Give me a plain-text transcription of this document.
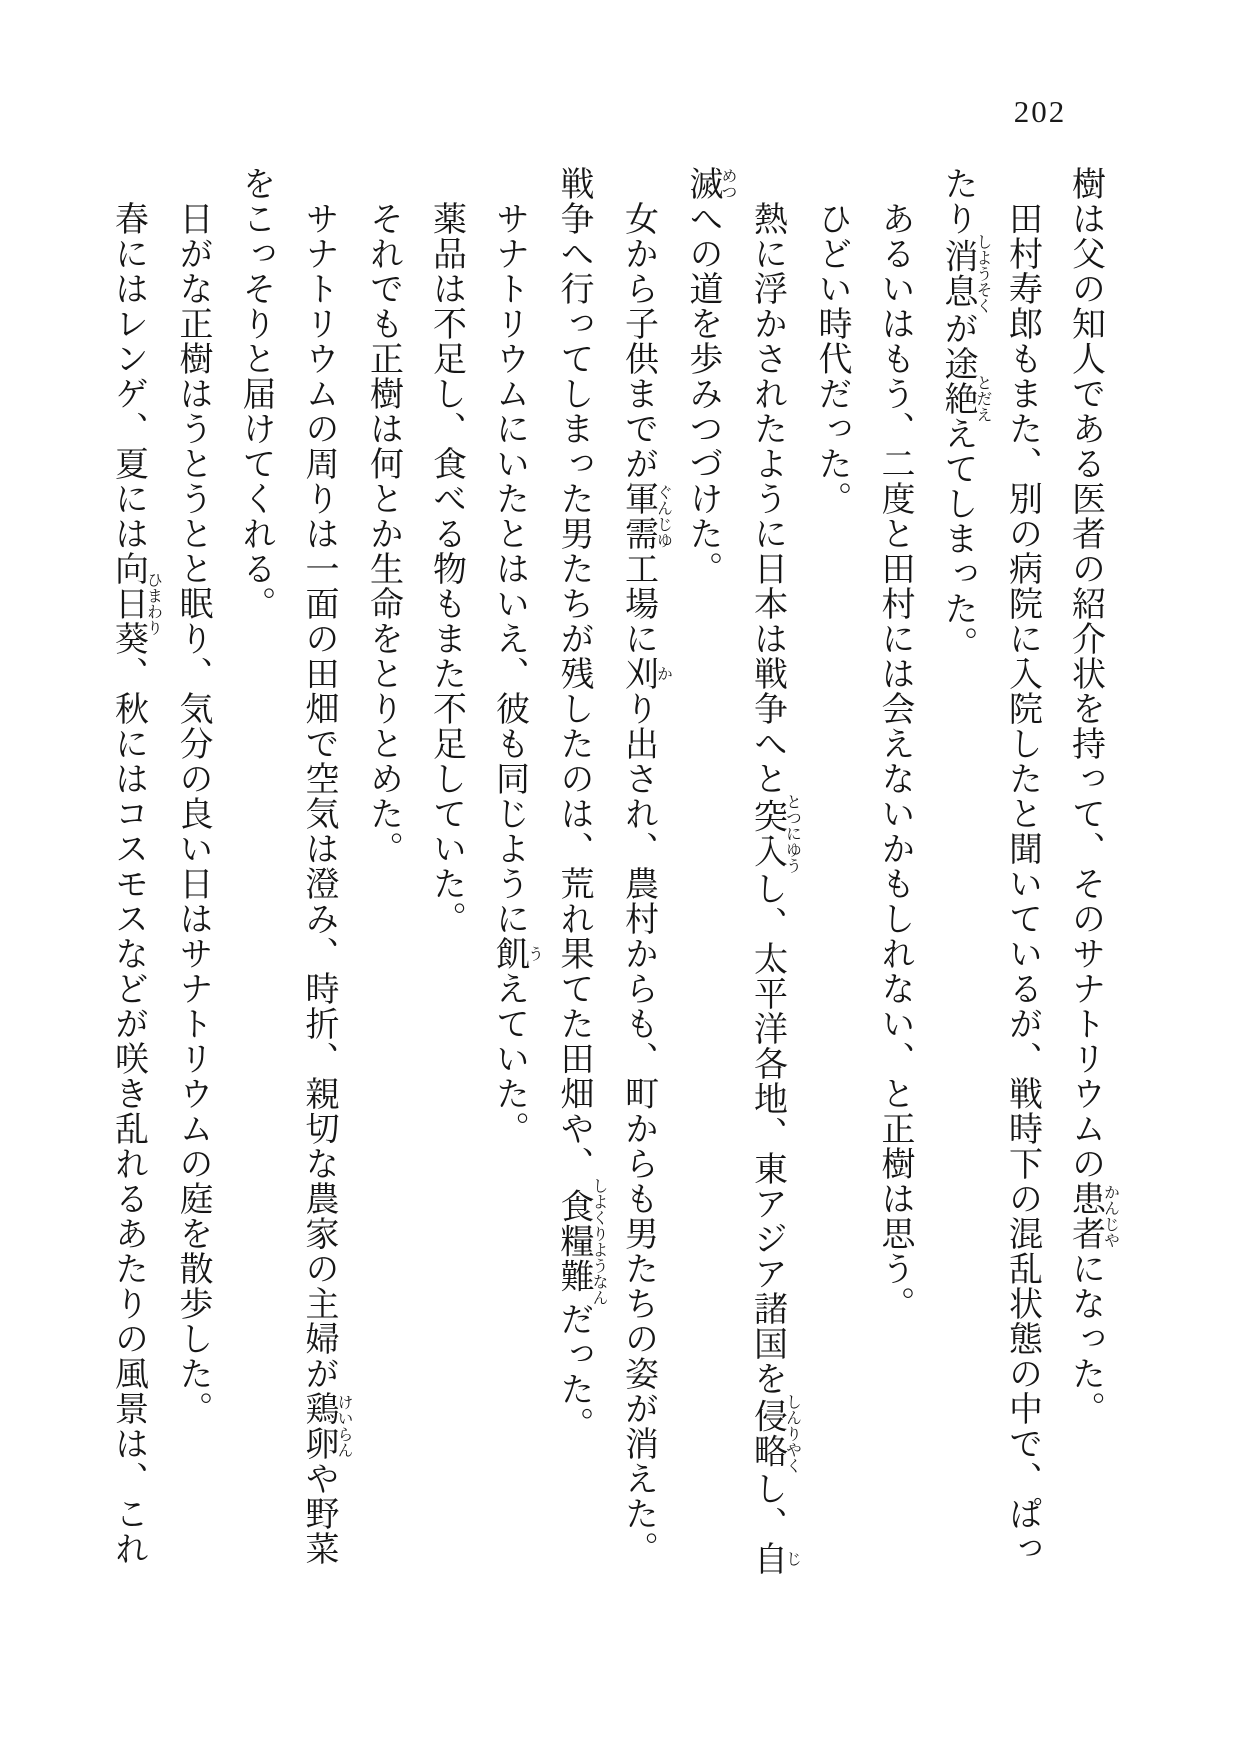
202
樹は父の知人である医者の紹介状を持って、そのサナトリウムの患者かんじやになった。
田村寿郎もまた、別の病院に入院したと聞いているが、戦時下の混乱状態の中で、ぱっ
たり消息しようそくが途絶えとだえてしまった。
あるいはもう、二度と田村には会えないかもしれない、と正樹は思う。
ひどい時代だった。
熱に浮かされたように日本は戦争へと突入とつにゆうし、太平洋各地、東アジア諸国を侵略しんりやくし、自じ
滅めつへの道を歩みつづけた。
女から子供までが軍需ぐんじゆ工場に刈かり出され、農村からも、町からも男たちの姿が消えた。
戦争へ行ってしまった男たちが残したのは、荒れ果てた田畑や、食糧難しよくりようなんだった。
サナトリウムにいたとはいえ、彼も同じように飢うえていた。
薬品は不足し、食べる物もまた不足していた。
それでも正樹は何とか生命をとりとめた。
サナトリウムの周りは一面の田畑で空気は澄み、時折、親切な農家の主婦が鶏卵けいらんや野菜
をこっそりと届けてくれる。
日がな正樹はうとうとと眠り、気分の良い日はサナトリウムの庭を散歩した。
春にはレンゲ、夏には向日葵ひまわり、秋にはコスモスなどが咲き乱れるあたりの風景は、これ
